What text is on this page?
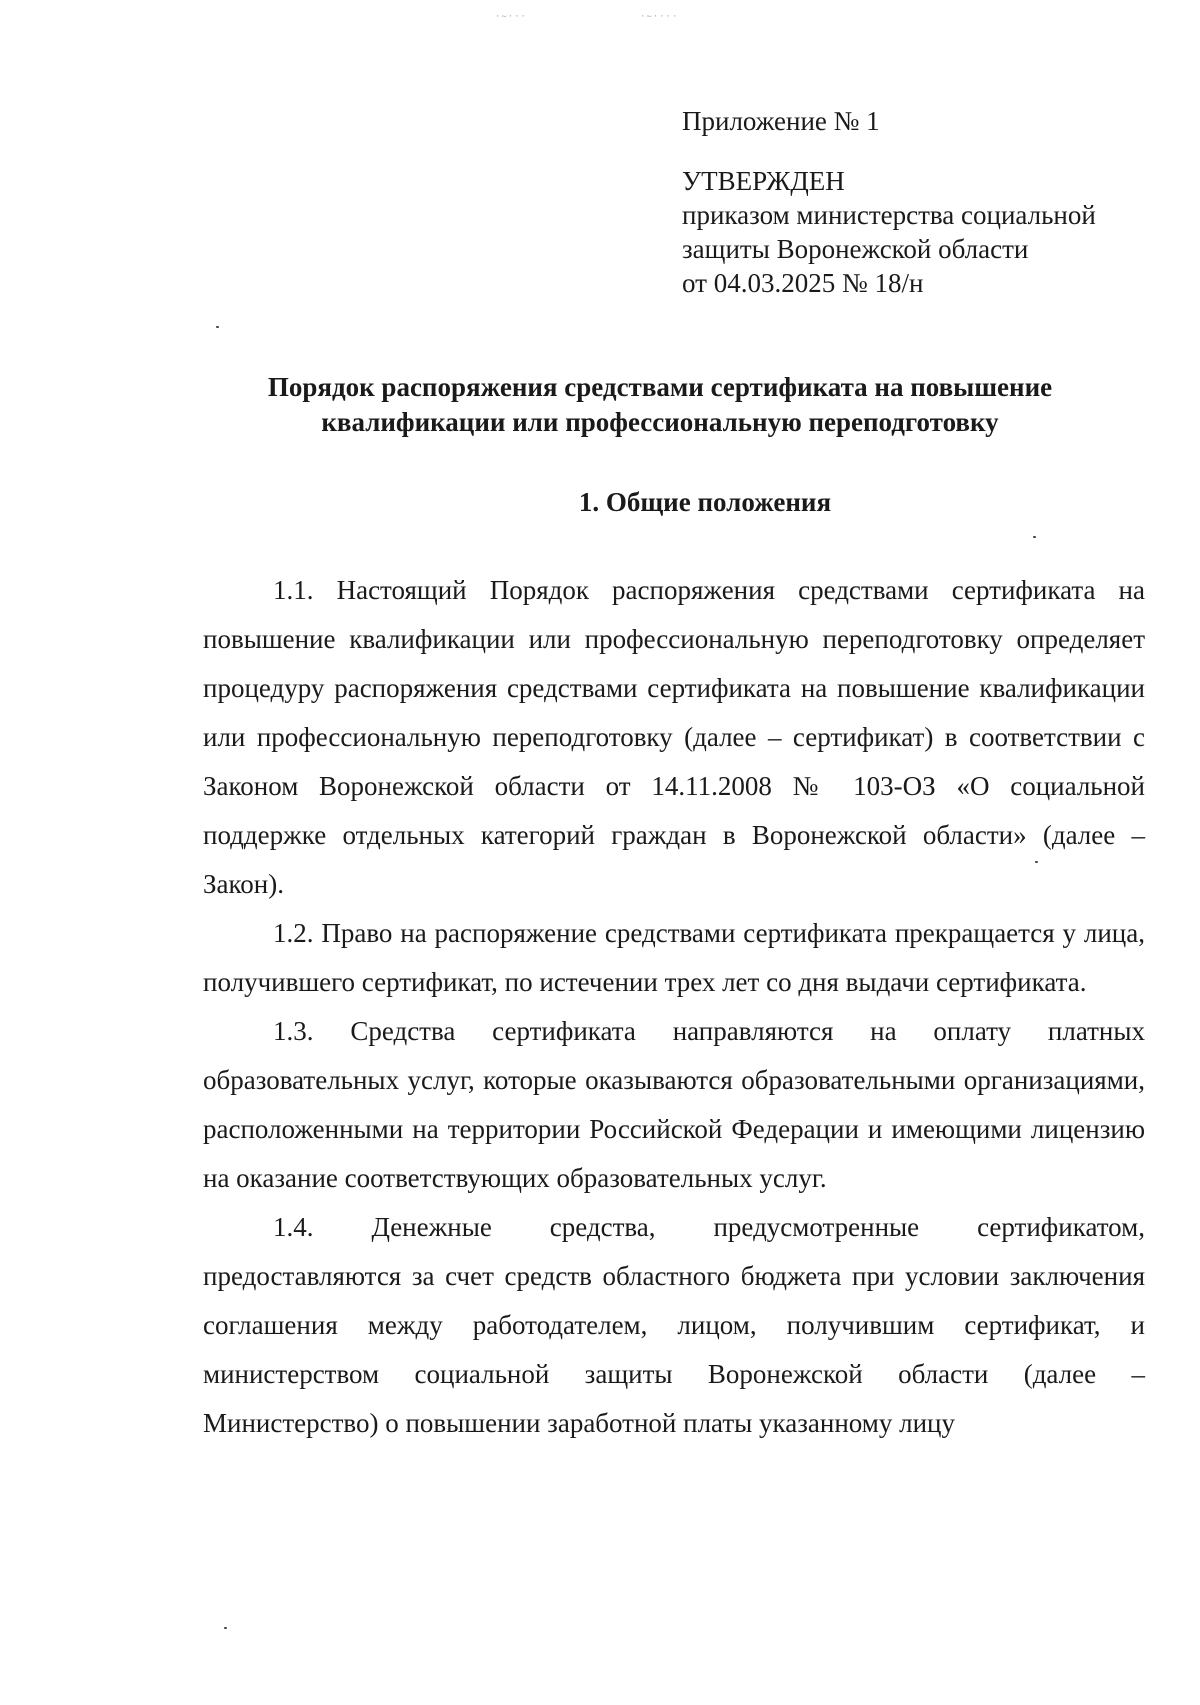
⋅∼⋅⋅⋅	⋅∼⋅⋅⋅⋅
Приложение № 1
УТВЕРЖДЕН
приказом министерства социальной
защиты Воронежской области
от 04.03.2025 № 18/н
Порядок распоряжения средствами сертификата на повышение
квалификации или профессиональную переподготовку
1. Общие положения

1.1. Настоящий Порядок распоряжения средствами сертификата на повышение квалификации или профессиональную переподготовку определяет процедуру распоряжения средствами сертификата на повышение квалификации или профессиональную переподготовку (далее – сертификат) в соответствии с Законом Воронежской области от 14.11.2008 № 103-ОЗ «О социальной поддержке отдельных категорий граждан в Воронежской области» (далее – Закон).

1.2. Право на распоряжение средствами сертификата прекращается у лица, получившего сертификат, по истечении трех лет со дня выдачи сертификата.

1.3. Средства сертификата направляются на оплату платных образовательных услуг, которые оказываются образовательными организациями, расположенными на территории Российской Федерации и имеющими лицензию на оказание соответствующих образовательных услуг.

1.4. Денежные средства, предусмотренные сертификатом, предоставляются за счет средств областного бюджета при условии заключения соглашения между работодателем, лицом, получившим сертификат, и министерством социальной защиты Воронежской области (далее – Министерство) о повышении заработной платы указанному лицу
